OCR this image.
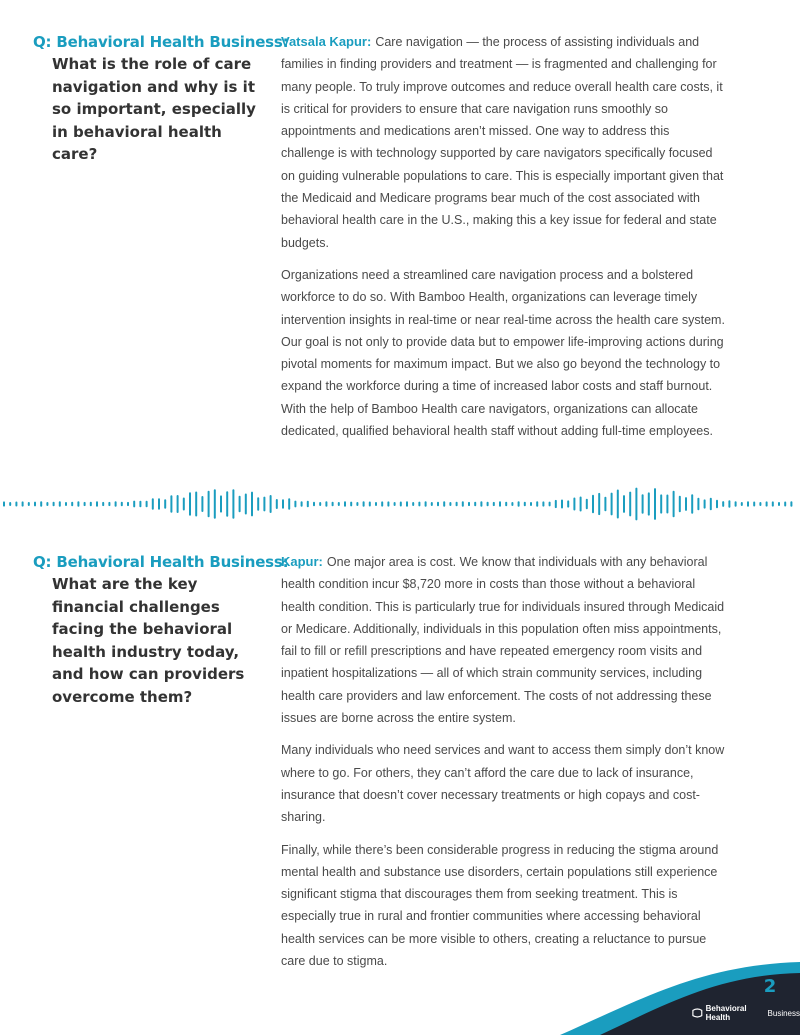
Q: Behavioral Health Business:
What is the role of care navigation and why is it so important, especially in behavioral health care?

Vatsala Kapur: Care navigation — the process of assisting individuals and families in finding providers and treatment — is fragmented and challenging for many people. To truly improve outcomes and reduce overall health care costs, it is critical for providers to ensure that care navigation runs smoothly so appointments and medications aren’t missed. One way to address this challenge is with technology supported by care navigators specifically focused on guiding vulnerable populations to care. This is especially important given that the Medicaid and Medicare programs bear much of the cost associated with behavioral health care in the U.S., making this a key issue for federal and state budgets.

Organizations need a streamlined care navigation process and a bolstered workforce to do so. With Bamboo Health, organizations can leverage timely intervention insights in real-time or near real-time across the health care system. Our goal is not only to provide data but to empower life-improving actions during pivotal moments for maximum impact. But we also go beyond the technology to expand the workforce during a time of increased labor costs and staff burnout. With the help of Bamboo Health care navigators, organizations can allocate dedicated, qualified behavioral health staff without adding full-time employees.

Q: Behavioral Health Business:
What are the key financial challenges facing the behavioral health industry today, and how can providers overcome them?

Kapur: One major area is cost. We know that individuals with any behavioral health condition incur $8,720 more in costs than those without a behavioral health condition. This is particularly true for individuals insured through Medicaid or Medicare. Additionally, individuals in this population often miss appointments, fail to fill or refill prescriptions and have repeated emergency room visits and inpatient hospitalizations — all of which strain community services, including health care providers and law enforcement. The costs of not addressing these issues are borne across the entire system.

Many individuals who need services and want to access them simply don’t know where to go. For others, they can’t afford the care due to lack of insurance, insurance that doesn’t cover necessary treatments or high copays and cost-sharing.

Finally, while there’s been considerable progress in reducing the stigma around mental health and substance use disorders, certain populations still experience significant stigma that discourages them from seeking treatment. This is especially true in rural and frontier communities where accessing behavioral health services can be more visible to others, creating a reluctance to pursue care due to stigma.

2
Behavioral Health	Business
